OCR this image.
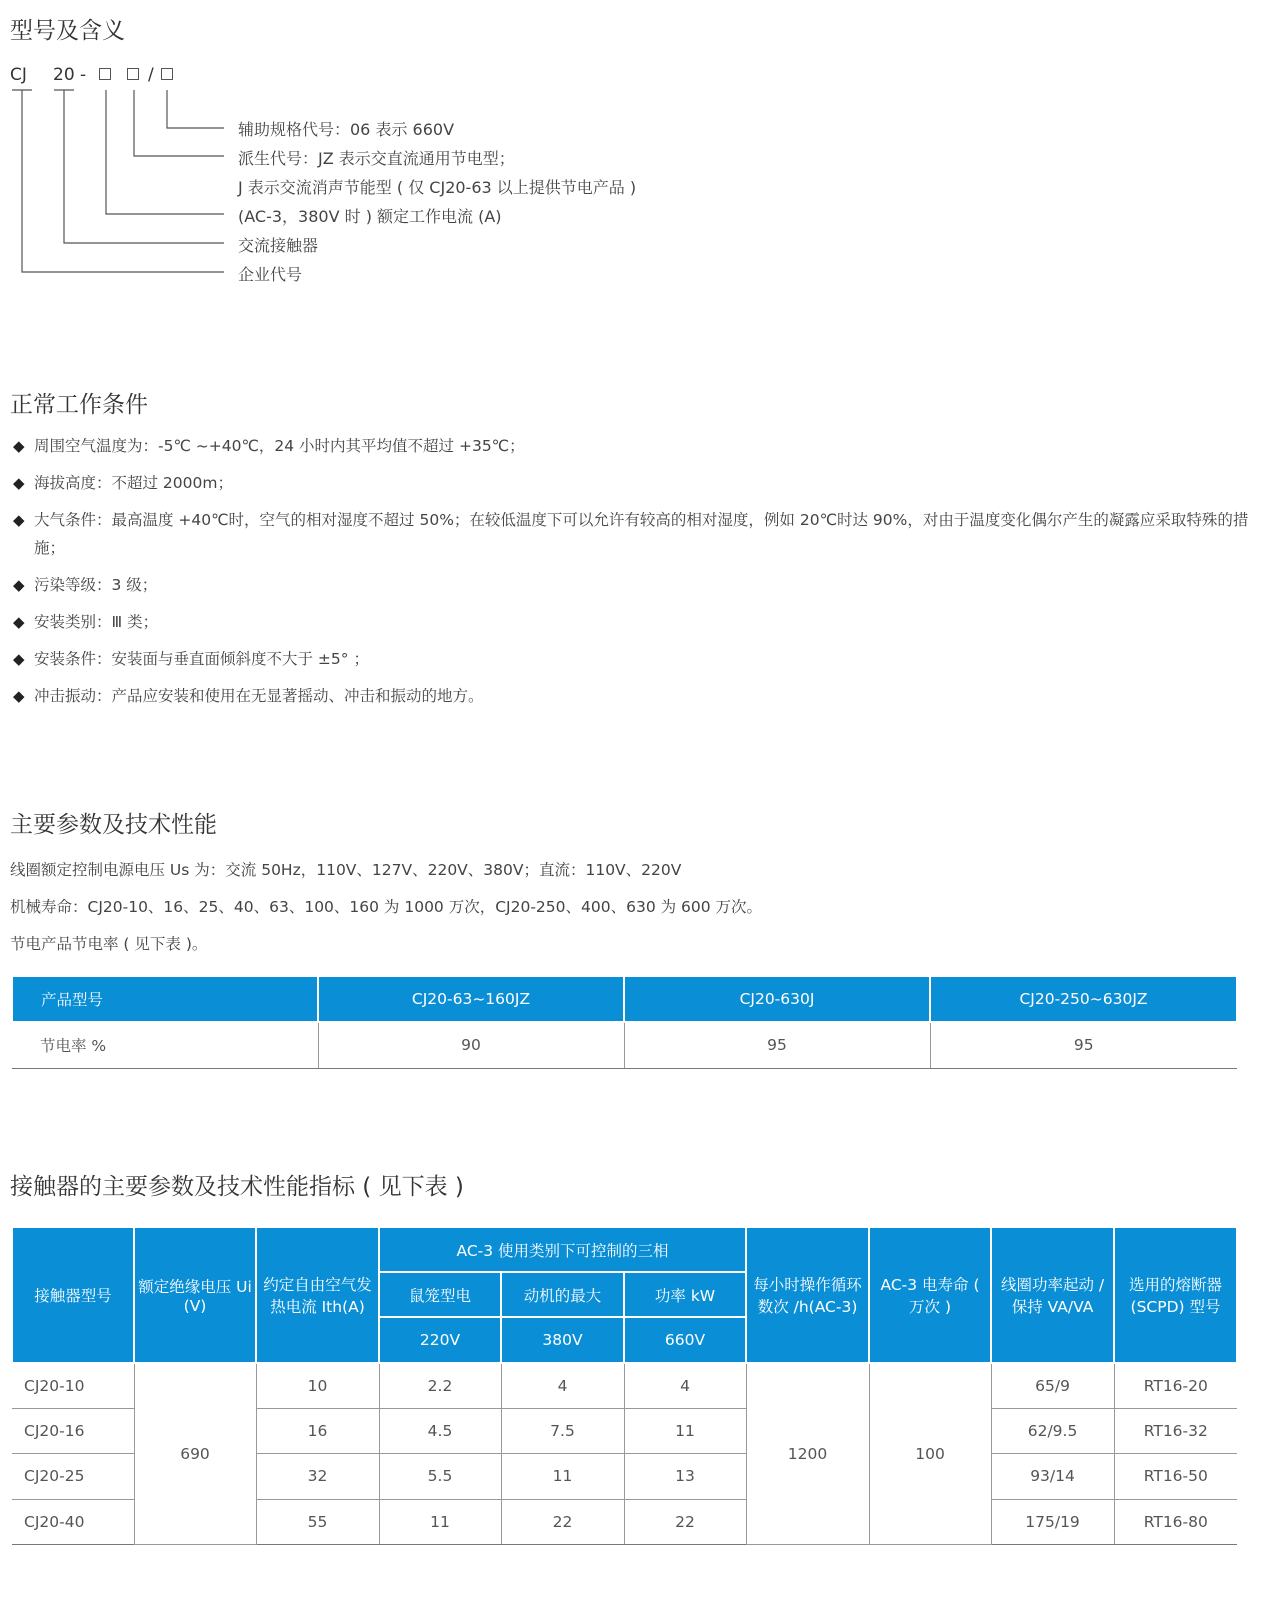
型号及含义
CJ 20 -	/

辅助规格代号：06 表示 660V

派生代号：JZ 表示交直流通用节电型；

J 表示交流消声节能型 ( 仅 CJ20-63 以上提供节电产品 )

(AC-3，380V 时 ) 额定工作电流 (A)

交流接触器

企业代号

正常工作条件
◆ 周围空气温度为：-5℃ ~+40℃，24 小时内其平均值不超过 +35℃；
◆ 海拔高度：不超过 2000m；
◆ 大气条件：最高温度 +40℃时，空气的相对湿度不超过 50%；在较低温度下可以允许有较高的相对湿度，例如 20℃时达 90%，对由于温度变化偶尔产生的凝露应采取特殊的措施；
◆ 污染等级：3 级；
◆ 安装类别：Ⅲ 类；
◆ 安装条件：安装面与垂直面倾斜度不大于 ±5° ；
◆ 冲击振动：产品应安装和使用在无显著摇动、冲击和振动的地方。
主要参数及技术性能

线圈额定控制电源电压 Us 为：交流 50Hz，110V、127V、220V、380V；直流：110V、220V

机械寿命：CJ20-10、16、25、40、63、100、160 为 1000 万次，CJ20-250、400、630 为 600 万次。

节电产品节电率 ( 见下表 )。

产品型号	CJ20-63~160JZ	CJ20-630J	CJ20-250~630JZ
节电率 %	90	95	95
接触器的主要参数及技术性能指标 ( 见下表 )
接触器型号	额定绝缘电压 Ui (V)	约定自由空气发热电流 Ith(A)	AC-3 使用类别下可控制的三相			每小时操作循环数次 /h(AC-3)	AC-3 电寿命 ( 万次 )	线圈功率起动 / 保持 VA/VA	选用的熔断器 (SCPD) 型号
			鼠笼型电	动机的最大	功率 kW				
			220V	380V	660V				
CJ20-10	690	10	2.2	4	4	1200	100	65/9	RT16-20
CJ20-16		16	4.5	7.5	11			62/9.5	RT16-32
CJ20-25		32	5.5	11	13			93/14	RT16-50
CJ20-40		55	11	22	22			175/19	RT16-80
